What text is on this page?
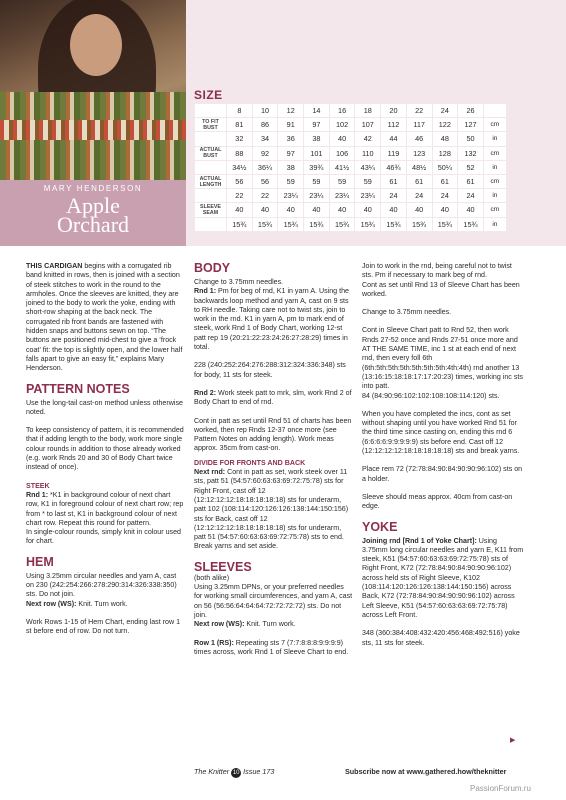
MARY HENDERSON
Apple
Orchard
SIZE
	8	10	12	14	16	18	20	22	24	26	
TO FIT BUST	81	86	91	97	102	107	112	117	122	127	cm
	32	34	36	38	40	42	44	46	48	50	in
ACTUAL BUST	88	92	97	101	106	110	119	123	128	132	cm
	34½	36¼	38	39¾	41½	43¼	46¾	48½	50¼	52	in
ACTUAL LENGTH	56	56	59	59	59	59	61	61	61	61	cm
	22	22	23¼	23¼	23¼	23¼	24	24	24	24	in
SLEEVE SEAM	40	40	40	40	40	40	40	40	40	40	cm
	15¾	15¾	15¾	15¾	15¾	15¾	15¾	15¾	15¾	15¾	in

THIS CARDIGAN begins with a corrugated rib band knitted in rows, then is joined with a section of steek stitches to work in the round to the armholes. Once the sleeves are knitted, they are joined to the body to work the yoke, ending with short-row shaping at the back neck. The corrugated rib front bands are fastened with hidden snaps and buttons sewn on top. “The buttons are positioned mid-chest to give a ‘frock coat’ fit: the top is slightly open, and the lower half falls apart to give an easy fit,” explains Mary Henderson.

PATTERN NOTES

Use the long-tail cast-on method unless otherwise noted.

To keep consistency of pattern, it is recommended that if adding length to the body, work more single colour rounds in addition to those already worked (e.g. work Rnds 20 and 30 of Body Chart twice instead of once).

STEEK

Rnd 1: *K1 in background colour of next chart row, K1 in foreground colour of next chart row; rep from * to last st, K1 in background colour of next chart row. Repeat this round for pattern.

In single-colour rounds, simply knit in colour used for chart.

HEM

Using 3.25mm circular needles and yarn A, cast on 230 (242:254:266:278:290:314:326:338:350) sts. Do not join.

Next row (WS): Knit. Turn work.

Work Rows 1-15 of Hem Chart, ending last row 1 st before end of row. Do not turn.

BODY

Change to 3.75mm needles.

Rnd 1: Pm for beg of rnd, K1 in yarn A. Using the backwards loop method and yarn A, cast on 9 sts to RH needle. Taking care not to twist sts, join to work in the rnd. K1 in yarn A, pm to mark end of steek, work Rnd 1 of Body Chart, working 12-st patt rep 19 (20:21:22:23:24:26:27:28:29) times in total.

228 (240:252:264:276:288:312:324:336:348) sts for body, 11 sts for steek.

Rnd 2: Work steek patt to mrk, slm, work Rnd 2 of Body Chart to end of rnd.

Cont in patt as set until Rnd 51 of charts has been worked, then rep Rnds 12-37 once more (see Pattern Notes on adding length). Work meas approx. 35cm from cast-on.

DIVIDE FOR FRONTS AND BACK

Next rnd: Cont in patt as set, work steek over 11 sts, patt 51 (54:57:60:63:63:69:72:75:78) sts for Right Front, cast off 12 (12:12:12:12:18:18:18:18:18) sts for underarm, patt 102 (108:114:120:126:126:138:144:150:156) sts for Back, cast off 12 (12:12:12:12:18:18:18:18:18) sts for underarm, patt 51 (54:57:60:63:63:69:72:75:78) sts to end. Break yarns and set aside.

SLEEVES

(both alike)

Using 3.25mm DPNs, or your preferred needles for working small circumferences, and yarn A, cast on 56 (56:56:64:64:64:72:72:72:72) sts. Do not join.

Next row (WS): Knit. Turn work.

Row 1 (RS): Repeating sts 7 (7:7:8:8:8:9:9:9:9) times across, work Rnd 1 of Sleeve Chart to end.

Join to work in the rnd, being careful not to twist sts. Pm if necessary to mark beg of rnd.

Cont as set until Rnd 13 of Sleeve Chart has been worked.

Change to 3.75mm needles.

Cont in Sleeve Chart patt to Rnd 52, then work Rnds 27-52 once and Rnds 27-51 once more and AT THE SAME TIME, inc 1 st at each end of next rnd, then every foll 6th (6th:5th:5th:5th:5th:5th:5th:4th:4th) rnd another 13 (13:16:15:18:18:17:17:20:23) times, working inc sts into patt.

84 (84:90:96:102:102:108:108:114:120) sts.

When you have completed the incs, cont as set without shaping until you have worked Rnd 51 for the third time since casting on, ending this rnd 6 (6:6:6:6:9:9:9:9:9) sts before end. Cast off 12 (12:12:12:12:18:18:18:18:18) sts and break yarns.

Place rem 72 (72:78:84:90:84:90:90:96:102) sts on a holder.

Sleeve should meas approx. 40cm from cast-on edge.

YOKE

Joining rnd [Rnd 1 of Yoke Chart]: Using 3.75mm long circular needles and yarn E, K11 from steek, K51 (54:57:60:63:63:69:72:75:78) sts of Right Front, K72 (72:78:84:90:84:90:90:96:102) across held sts of Right Sleeve, K102 (108:114:120:126:126:138:144:150:156) across Back, K72 (72:78:84:90:84:90:90:96:102) across Left Sleeve, K51 (54:57:60:63:63:69:72:75:78) across Left Front.

348 (360:384:408:432:420:456:468:492:516) yoke sts, 11 sts for steek.

▶
The Knitter 10 Issue 173	Subscribe now at www.gathered.how/theknitter
PassionForum.ru
